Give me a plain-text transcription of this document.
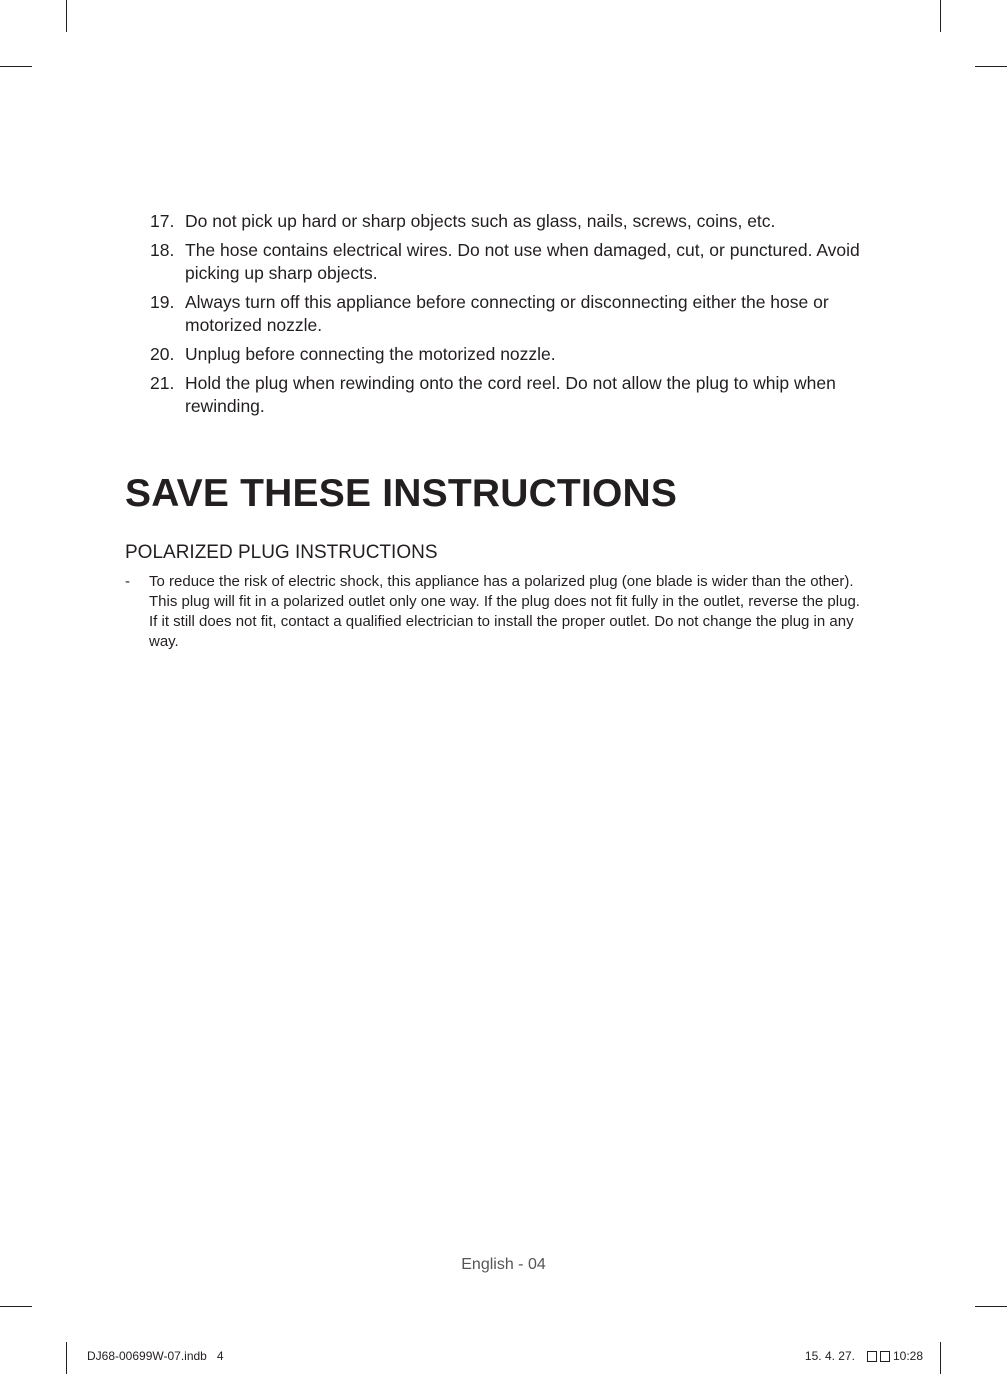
17. Do not pick up hard or sharp objects such as glass, nails, screws, coins, etc.
18. The hose contains electrical wires. Do not use when damaged, cut, or punctured. Avoid picking up sharp objects.
19. Always turn off this appliance before connecting or disconnecting either the hose or motorized nozzle.
20. Unplug before connecting the motorized nozzle.
21. Hold the plug when rewinding onto the cord reel. Do not allow the plug to whip when rewinding.
SAVE THESE INSTRUCTIONS
POLARIZED PLUG INSTRUCTIONS
-	To reduce the risk of electric shock, this appliance has a polarized plug (one blade is wider than the other). This plug will fit in a polarized outlet only one way. If the plug does not fit fully in the outlet, reverse the plug. If it still does not fit, contact a qualified electrician to install the proper outlet. Do not change the plug in any way.
English - 04
DJ68-00699W-07.indb   4	15. 4. 27.	10:28
